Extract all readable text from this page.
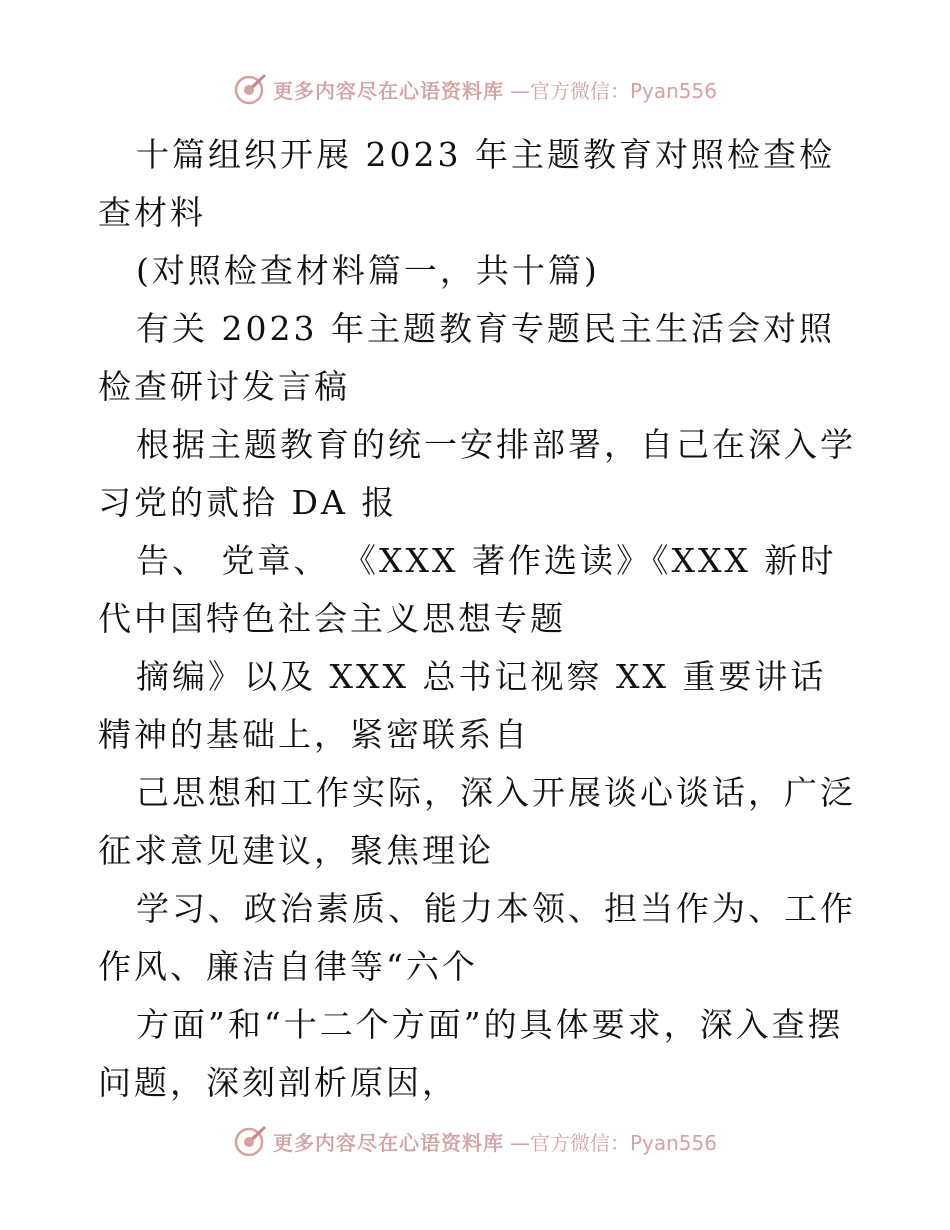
更多内容尽在心语资料库 —官方微信：Pyan556

十篇组织开展 2023 年主题教育对照检查检查材料

(对照检查材料篇一，共十篇)

有关 2023 年主题教育专题民主生活会对照检查研讨发言稿

根据主题教育的统一安排部署，自己在深入学习党的贰拾 DA 报

告、 党章、 《XXX 著作选读》《XXX 新时代中国特色社会主义思想专题

摘编》以及 XXX 总书记视察 XX 重要讲话精神的基础上，紧密联系自

己思想和工作实际，深入开展谈心谈话，广泛征求意见建议，聚焦理论

学习、政治素质、能力本领、担当作为、工作作风、廉洁自律等“六个

方面”和“十二个方面”的具体要求，深入查摆问题，深刻剖析原因，

更多内容尽在心语资料库 —官方微信：Pyan556
